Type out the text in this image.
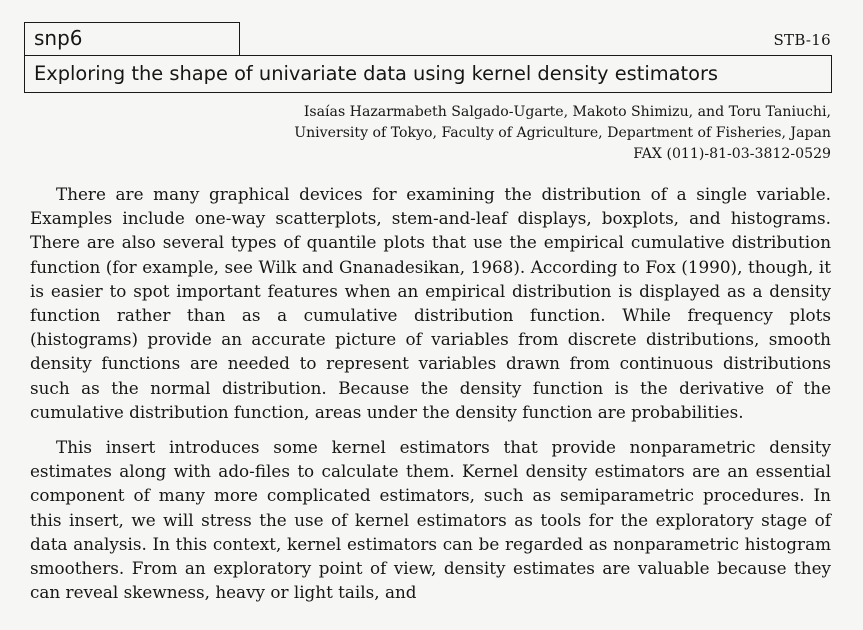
snp6	STB-16
Exploring the shape of univariate data using kernel density estimators
Isaías Hazarmabeth Salgado-Ugarte, Makoto Shimizu, and Toru Taniuchi,
University of Tokyo, Faculty of Agriculture, Department of Fisheries, Japan
FAX (011)-81-03-3812-0529

There are many graphical devices for examining the distribution of a single variable. Examples include one-way scatterplots, stem-and-leaf displays, boxplots, and histograms. There are also several types of quantile plots that use the empirical cumulative distribution function (for example, see Wilk and Gnanadesikan, 1968). According to Fox (1990), though, it is easier to spot important features when an empirical distribution is displayed as a density function rather than as a cumulative distribution function. While frequency plots (histograms) provide an accurate picture of variables from discrete distributions, smooth density functions are needed to represent variables drawn from continuous distributions such as the normal distribution. Because the density function is the derivative of the cumulative distribution function, areas under the density function are probabilities.

This insert introduces some kernel estimators that provide nonparametric density estimates along with ado-files to calculate them. Kernel density estimators are an essential component of many more complicated estimators, such as semiparametric procedures. In this insert, we will stress the use of kernel estimators as tools for the exploratory stage of data analysis. In this context, kernel estimators can be regarded as nonparametric histogram smoothers. From an exploratory point of view, density estimates are valuable because they can reveal skewness, heavy or light tails, and
